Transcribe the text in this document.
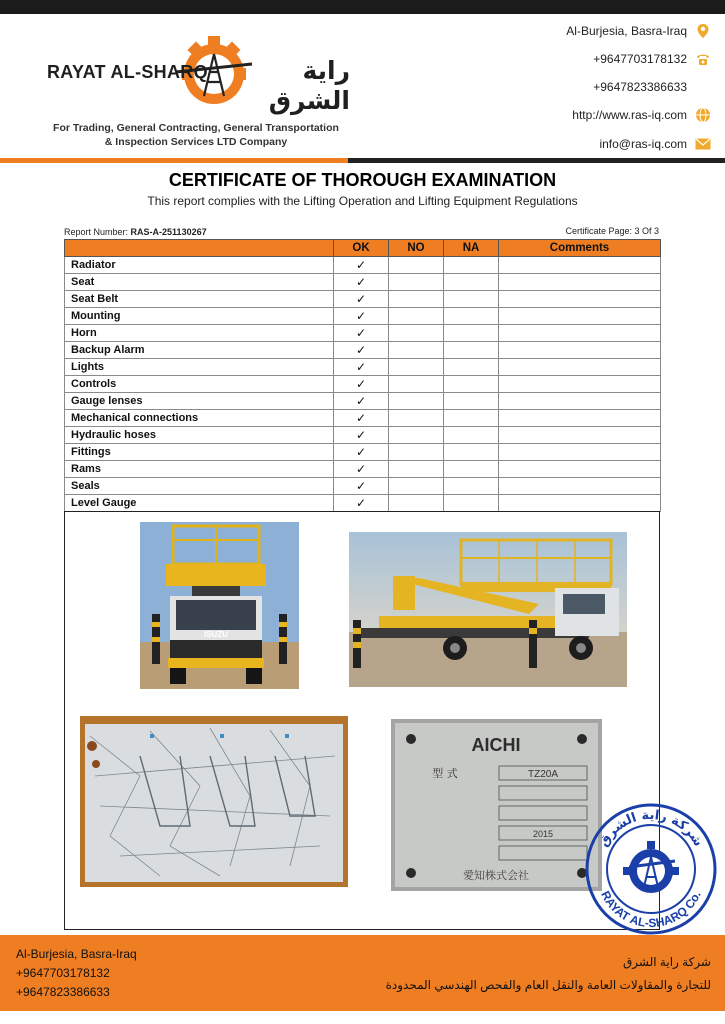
RAYAT AL-SHARQ	راية الشرق
For Trading, General Contracting, General Transportation
& Inspection Services LTD Company
Al-Burjesia, Basra-Iraq
+9647703178132
+9647823386633
http://www.ras-iq.com
info@ras-iq.com
CERTIFICATE OF THOROUGH EXAMINATION
This report complies with the Lifting Operation and Lifting Equipment Regulations
Report Number: RAS-A-251130267	Certificate Page: 3 Of 3
	OK	NO	NA	Comments
Radiator	✓			
Seat	✓			
Seat Belt	✓			
Mounting	✓			
Horn	✓			
Backup Alarm	✓			
Lights	✓			
Controls	✓			
Gauge lenses	✓			
Mechanical connections	✓			
Hydraulic hoses	✓			
Fittings	✓			
Rams	✓			
Seals	✓			
Level Gauge	✓			
ISUZU
AICHI
型 式	TZ20A
2015
愛知株式会社
شركة راية الشرق
RAYAT AL-SHARQ Co.
Al-Burjesia, Basra-Iraq
+9647703178132
+9647823386633
شركة راية الشرق
للتجارة والمقاولات العامة والنقل العام والفحص الهندسي المحدودة
